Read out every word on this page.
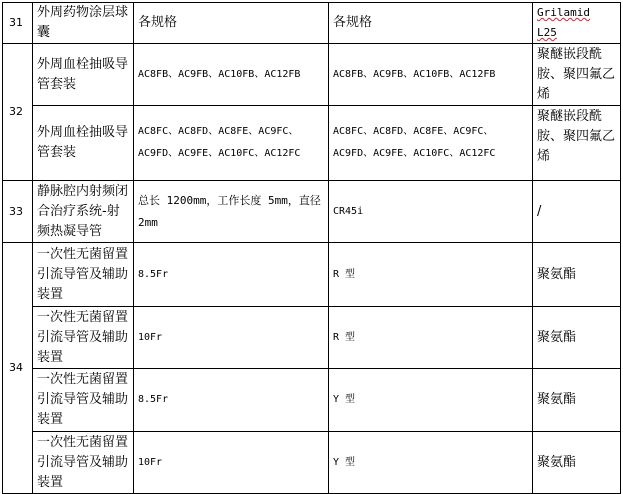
31	外周药物涂层球囊	各规格	各规格	Grilamid L25
32	外周血栓抽吸导管套装	AC8FB、AC9FB、AC10FB、AC12FB	AC8FB、AC9FB、AC10FB、AC12FB	聚醚嵌段酰胺、聚四氟乙烯
	外周血栓抽吸导管套装	AC8FC、AC8FD、AC8FE、AC9FC、AC9FD、AC9FE、AC10FC、AC12FC	AC8FC、AC8FD、AC8FE、AC9FC、AC9FD、AC9FE、AC10FC、AC12FC	聚醚嵌段酰胺、聚四氟乙烯
33	静脉腔内射频闭合治疗系统-射频热凝导管	总长 1200mm，工作长度 5mm，直径 2mm	CR45i	/
34	一次性无菌留置引流导管及辅助装置	8.5Fr	R 型	聚氨酯
	一次性无菌留置引流导管及辅助装置	10Fr	R 型	聚氨酯
	一次性无菌留置引流导管及辅助装置	8.5Fr	Y 型	聚氨酯
	一次性无菌留置引流导管及辅助装置	10Fr	Y 型	聚氨酯
